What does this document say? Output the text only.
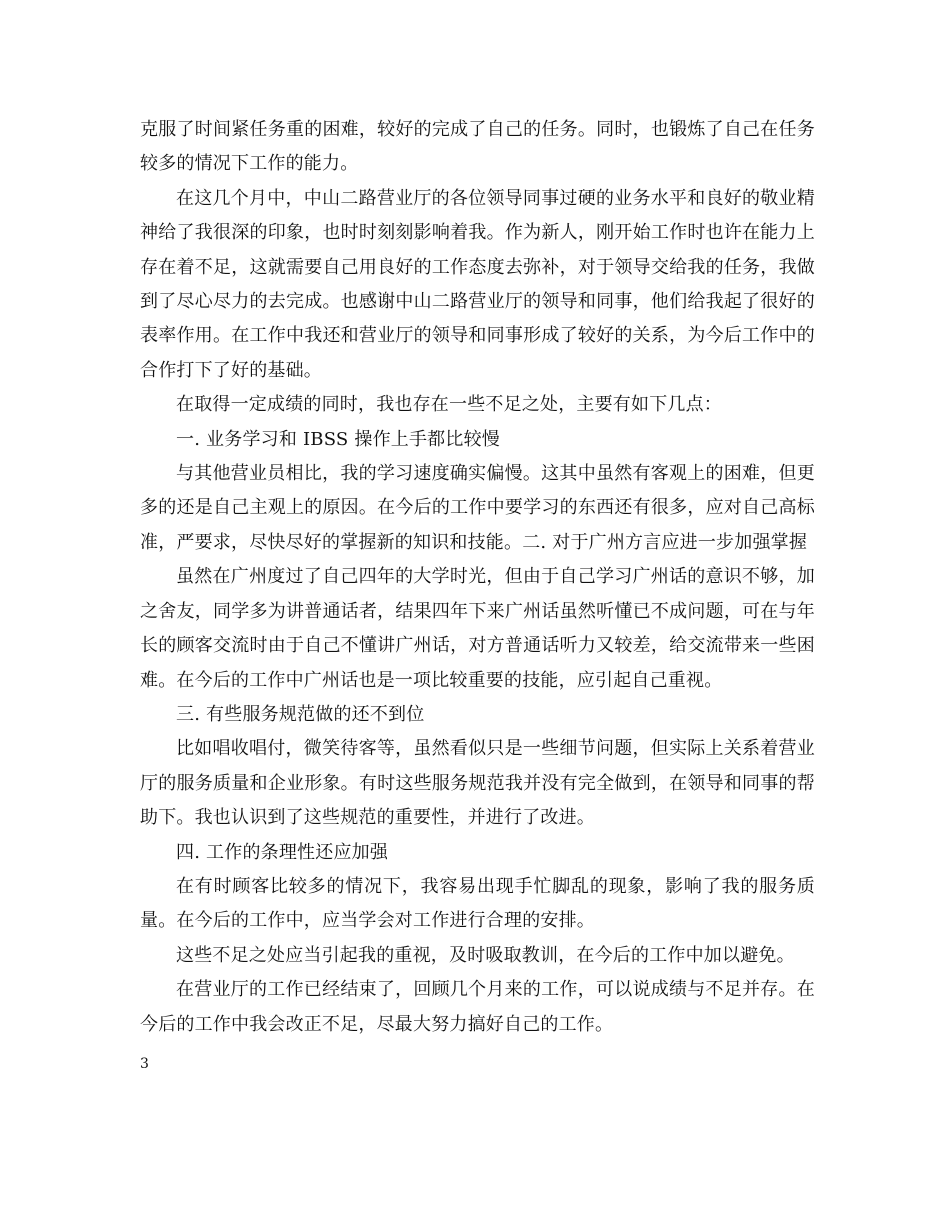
克服了时间紧任务重的困难，较好的完成了自己的任务。同时，也锻炼了自己在任务较多的情况下工作的能力。

在这几个月中，中山二路营业厅的各位领导同事过硬的业务水平和良好的敬业精神给了我很深的印象，也时时刻刻影响着我。作为新人，刚开始工作时也许在能力上存在着不足，这就需要自己用良好的工作态度去弥补，对于领导交给我的任务，我做到了尽心尽力的去完成。也感谢中山二路营业厅的领导和同事，他们给我起了很好的表率作用。在工作中我还和营业厅的领导和同事形成了较好的关系，为今后工作中的合作打下了好的基础。

在取得一定成绩的同时，我也存在一些不足之处，主要有如下几点：

一. 业务学习和 IBSS 操作上手都比较慢

与其他营业员相比，我的学习速度确实偏慢。这其中虽然有客观上的困难，但更多的还是自己主观上的原因。在今后的工作中要学习的东西还有很多，应对自己高标准，严要求，尽快尽好的掌握新的知识和技能。二. 对于广州方言应进一步加强掌握

虽然在广州度过了自己四年的大学时光，但由于自己学习广州话的意识不够，加之舍友，同学多为讲普通话者，结果四年下来广州话虽然听懂已不成问题，可在与年长的顾客交流时由于自己不懂讲广州话，对方普通话听力又较差，给交流带来一些困难。在今后的工作中广州话也是一项比较重要的技能，应引起自己重视。

三. 有些服务规范做的还不到位

比如唱收唱付，微笑待客等，虽然看似只是一些细节问题，但实际上关系着营业厅的服务质量和企业形象。有时这些服务规范我并没有完全做到，在领导和同事的帮助下。我也认识到了这些规范的重要性，并进行了改进。

四. 工作的条理性还应加强

在有时顾客比较多的情况下，我容易出现手忙脚乱的现象，影响了我的服务质量。在今后的工作中，应当学会对工作进行合理的安排。

这些不足之处应当引起我的重视，及时吸取教训，在今后的工作中加以避免。

在营业厅的工作已经结束了，回顾几个月来的工作，可以说成绩与不足并存。在今后的工作中我会改正不足，尽最大努力搞好自己的工作。

3
